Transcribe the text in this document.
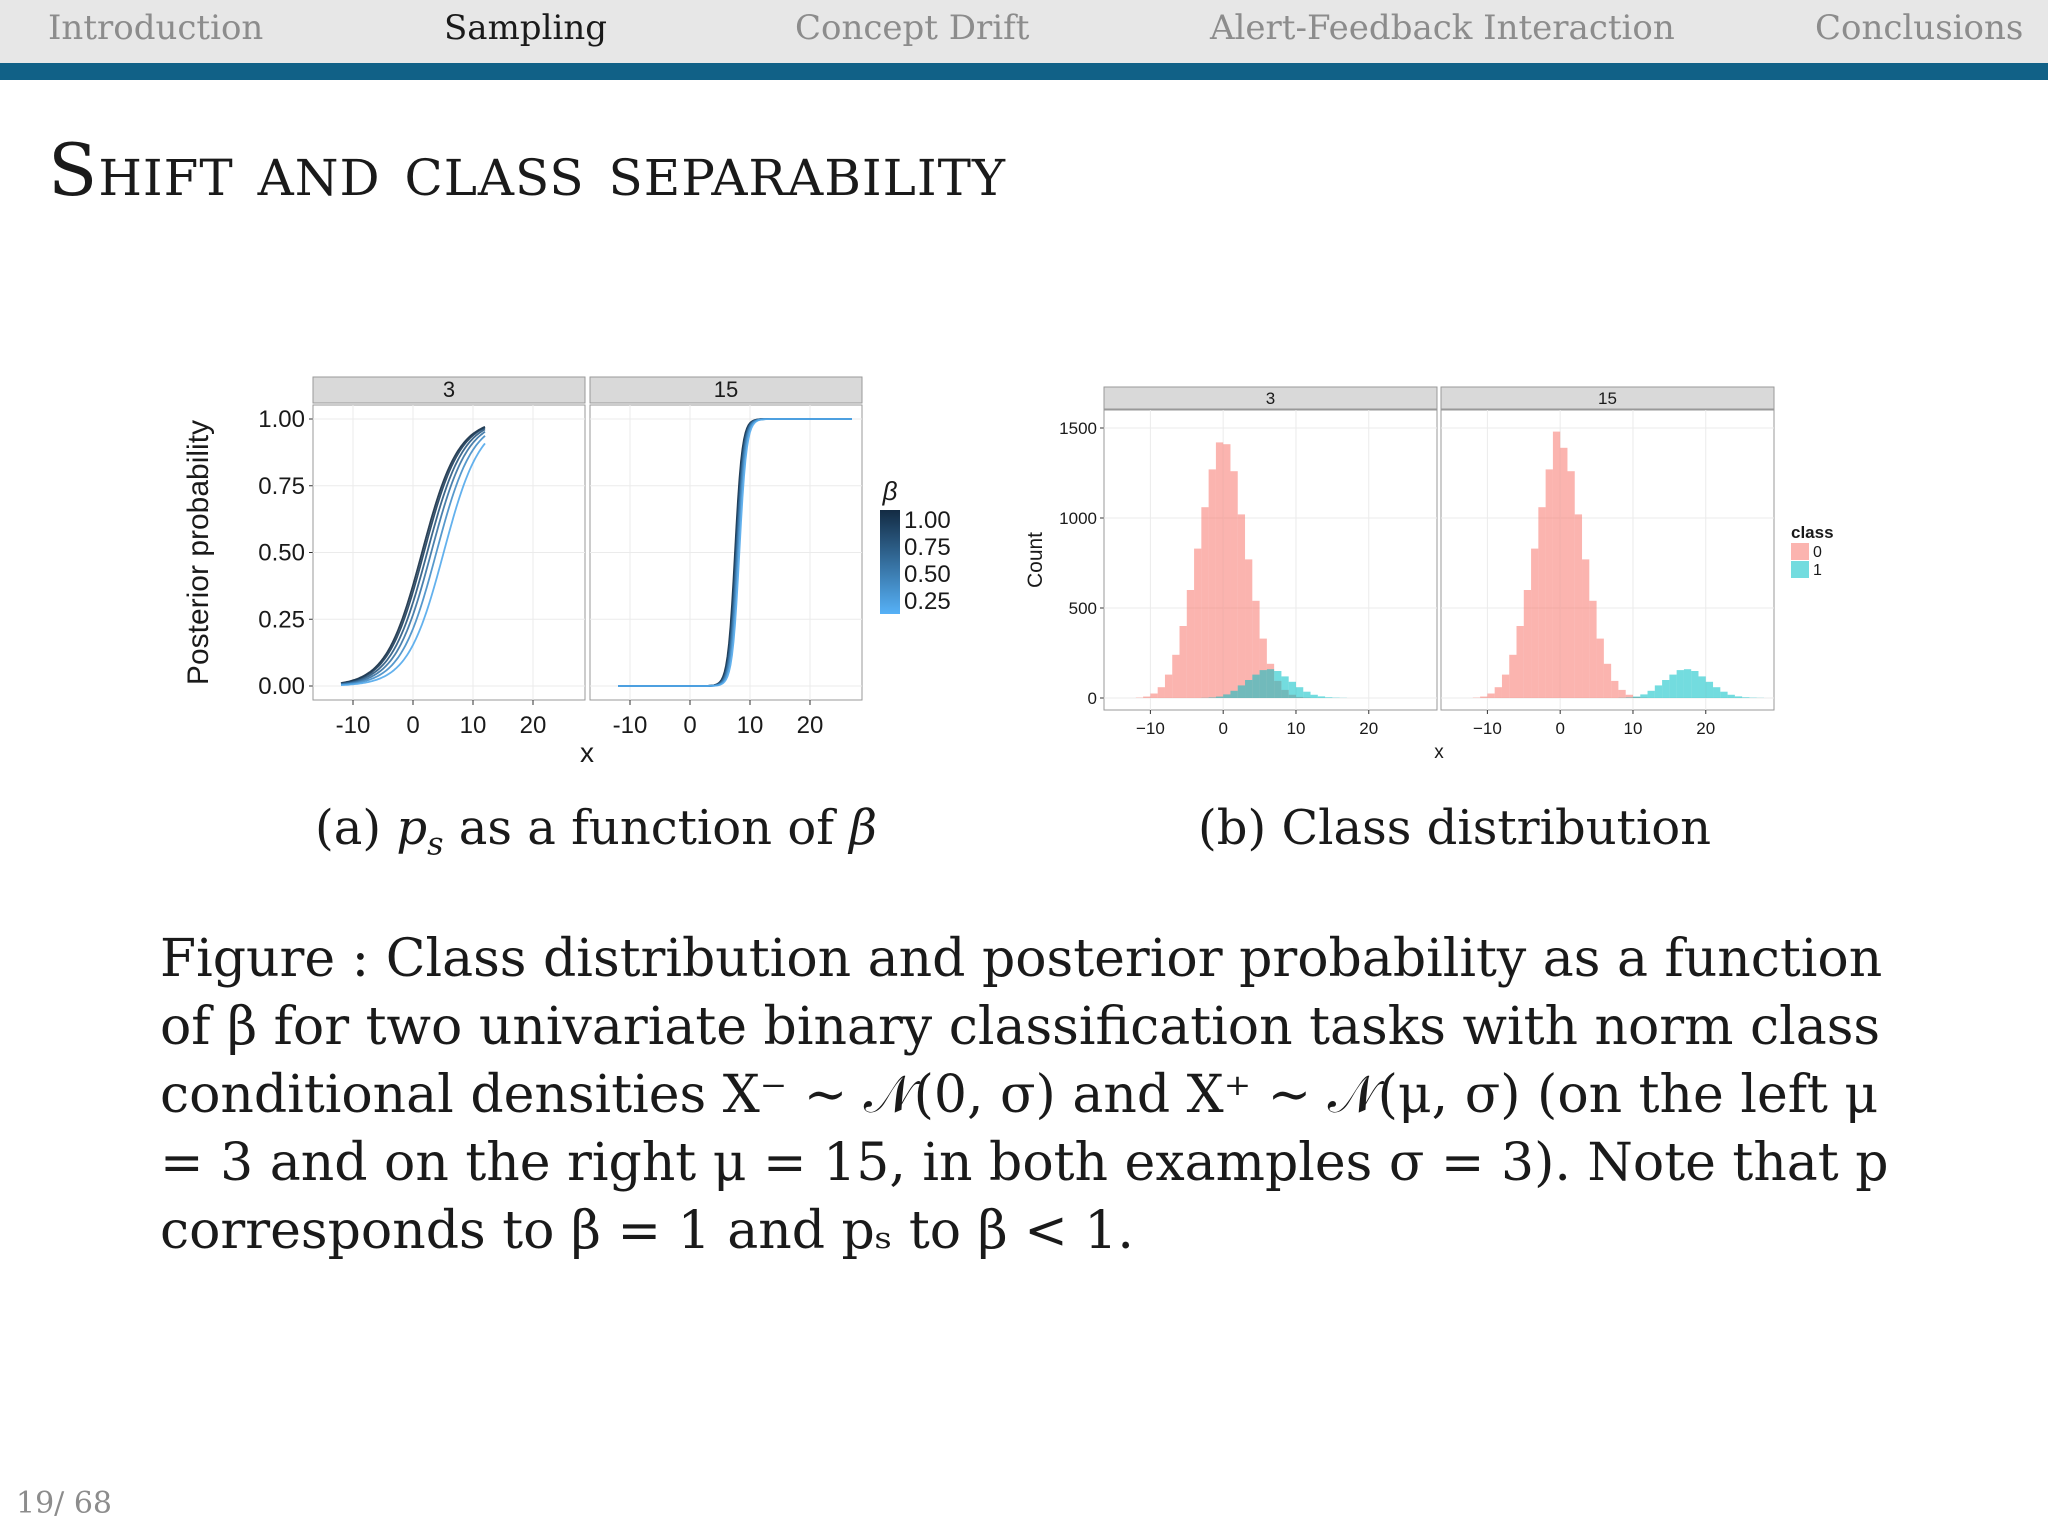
Introduction	Sampling	Concept Drift	Alert-Feedback Interaction	Conclusions
Shift and class separability
0.00
0.25
0.50
0.75
1.00
Posterior probability
3
-10 0 10 20
15
-10 0 10 20
x
β
1.00
0.75
0.50
0.25
0
500
1000
1500
Count
3
−10	0	10	20
15
−10	0	10	20
x
class
0
1
(a) $p_s$ as a function of β	(b) Class distribution
Figure : Class distribution and posterior probability as a function of β for two univariate binary classification tasks with norm class conditional densities X⁻ ∼ 𝒩(0, σ) and X⁺ ∼ 𝒩(μ, σ) (on the left μ = 3 and on the right μ = 15, in both examples σ = 3). Note that p corresponds to β = 1 and pₛ to β < 1.
19/ 68
